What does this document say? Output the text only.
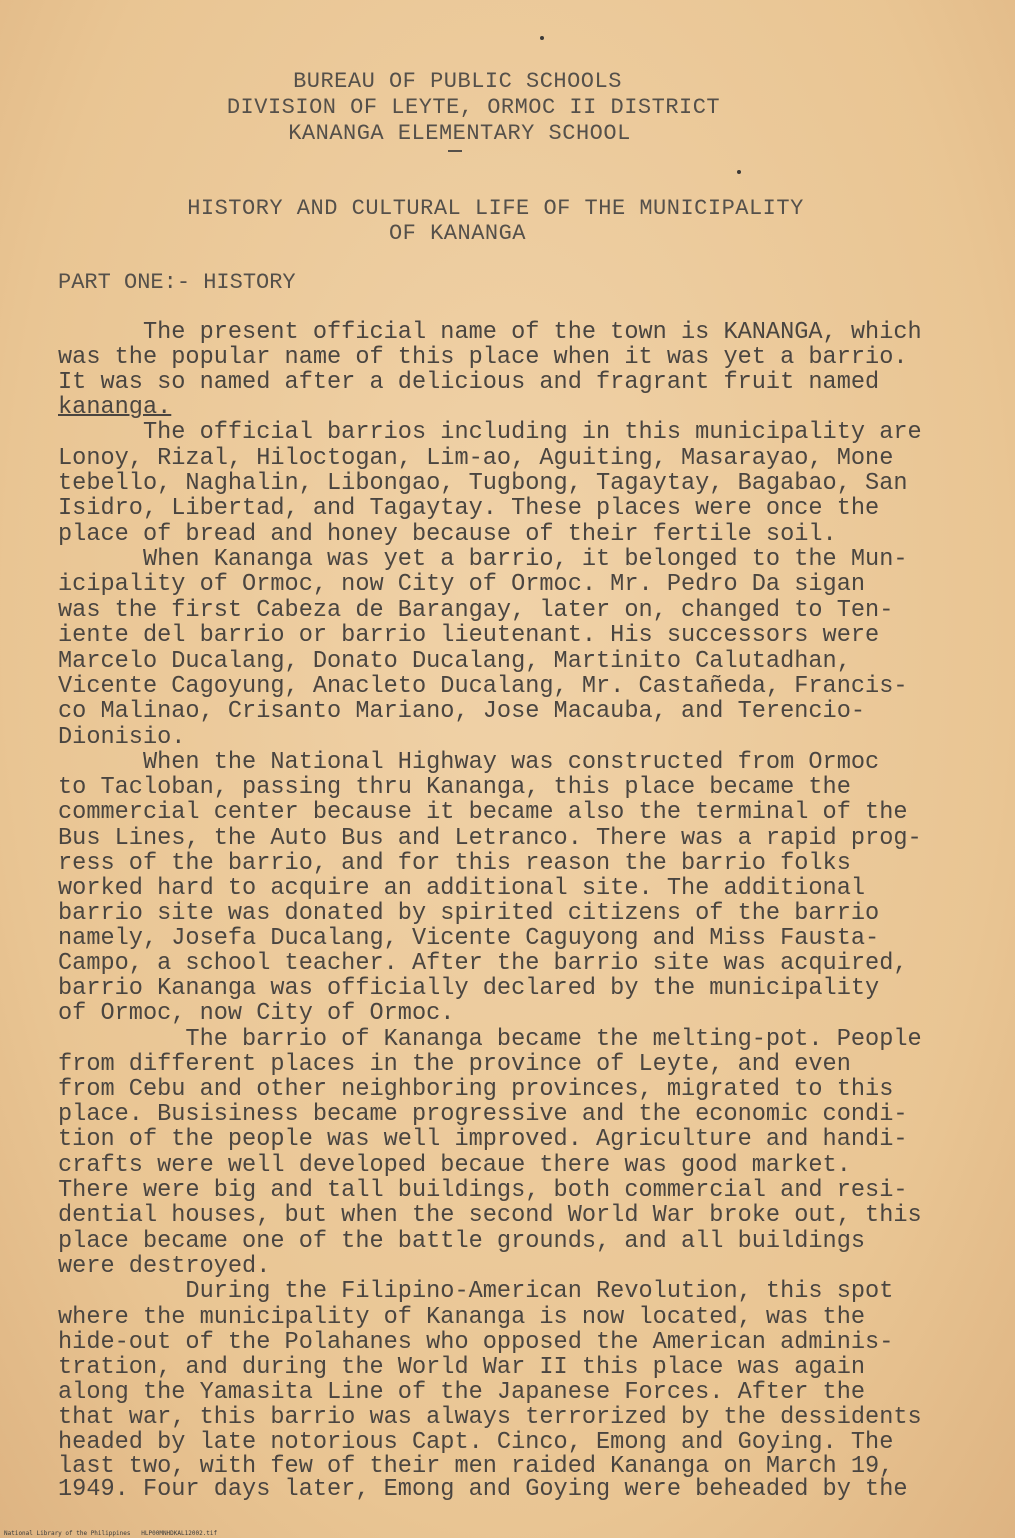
BUREAU OF PUBLIC SCHOOLS
DIVISION OF LEYTE, ORMOC II DISTRICT
KANANGA ELEMENTARY SCHOOL
HISTORY AND CULTURAL LIFE OF THE MUNICIPALITY
OF KANANGA
PART ONE:- HISTORY
The present official name of the town is KANANGA, which
was the popular name of this place when it was yet a barrio.
It was so named after a delicious and fragrant fruit named
kananga.
The official barrios including in this municipality are
Lonoy, Rizal, Hiloctogan, Lim-ao, Aguiting, Masarayao, Mone
tebello, Naghalin, Libongao, Tugbong, Tagaytay, Bagabao, San
Isidro, Libertad, and Tagaytay. These places were once the
place of bread and honey because of their fertile soil.
When Kananga was yet a barrio, it belonged to the Mun-
icipality of Ormoc, now City of Ormoc. Mr. Pedro Da sigan
was the first Cabeza de Barangay, later on, changed to Ten-
iente del barrio or barrio lieutenant. His successors were
Marcelo Ducalang, Donato Ducalang, Martinito Calutadhan,
Vicente Cagoyung, Anacleto Ducalang, Mr. Castañeda, Francis-
co Malinao, Crisanto Mariano, Jose Macauba, and Terencio-
Dionisio.
When the National Highway was constructed from Ormoc
to Tacloban, passing thru Kananga, this place became the
commercial center because it became also the terminal of the
Bus Lines, the Auto Bus and Letranco. There was a rapid prog-
ress of the barrio, and for this reason the barrio folks
worked hard to acquire an additional site. The additional
barrio site was donated by spirited citizens of the barrio
namely, Josefa Ducalang, Vicente Caguyong and Miss Fausta-
Campo, a school teacher. After the barrio site was acquired,
barrio Kananga was officially declared by the municipality
of Ormoc, now City of Ormoc.
The barrio of Kananga became the melting-pot. People
from different places in the province of Leyte, and even
from Cebu and other neighboring provinces, migrated to this
place. Busisiness became progressive and the economic condi-
tion of the people was well improved. Agriculture and handi-
crafts were well developed becaue there was good market.
There were big and tall buildings, both commercial and resi-
dential houses, but when the second World War broke out, this
place became one of the battle grounds, and all buildings
were destroyed.
During the Filipino-American Revolution, this spot
where the municipality of Kananga is now located, was the
hide-out of the Polahanes who opposed the American adminis-
tration, and during the World War II this place was again
along the Yamasita Line of the Japanese Forces. After the
that war, this barrio was always terrorized by the dessidents
headed by late notorious Capt. Cinco, Emong and Goying. The
last two, with few of their men raided Kananga on March 19,
1949. Four days later, Emong and Goying were beheaded by the
National Library of the Philippines   HLP00MNHDKAL12002.tif
